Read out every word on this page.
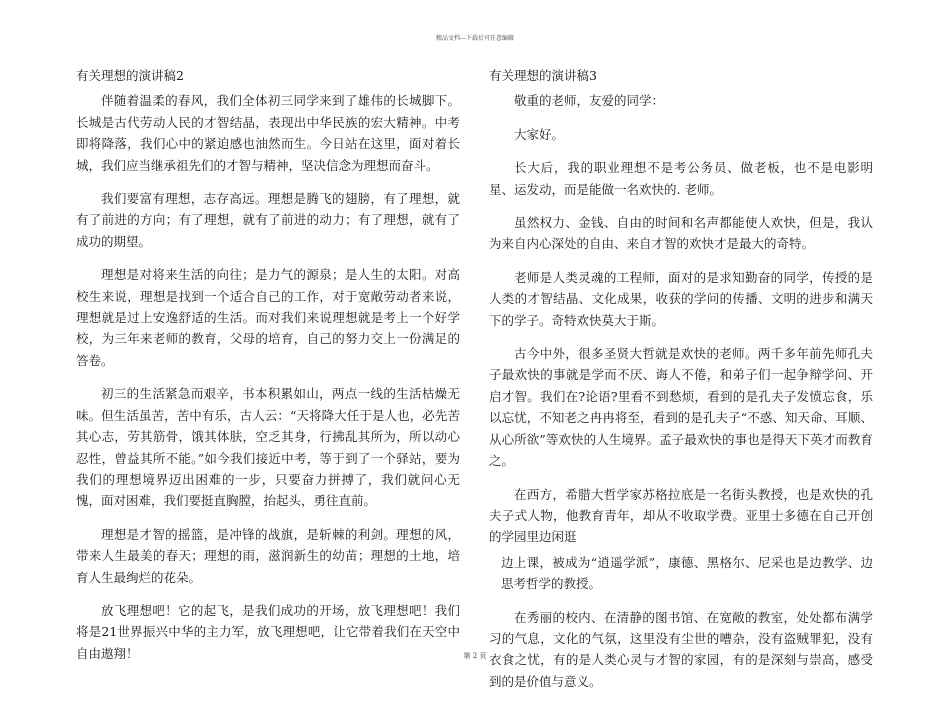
精品文档---下载后可任意编辑
有关理想的演讲稿2

伴随着温柔的春风，我们全体初三同学来到了雄伟的长城脚下。长城是古代劳动人民的才智结晶，表现出中华民族的宏大精神。中考即将降落，我们心中的紧迫感也油然而生。今日站在这里，面对着长城，我们应当继承祖先们的才智与精神，坚决信念为理想而奋斗。

我们要富有理想，志存高远。理想是腾飞的翅膀，有了理想，就有了前进的方向；有了理想，就有了前进的动力；有了理想，就有了成功的期望。

理想是对将来生活的向往；是力气的源泉；是人生的太阳。对高校生来说，理想是找到一个适合自己的工作，对于宽敞劳动者来说，理想就是过上安逸舒适的生活。而对我们来说理想就是考上一个好学校，为三年来老师的教育，父母的培育，自己的努力交上一份满足的答卷。

初三的生活紧急而艰辛，书本积累如山，两点一线的生活枯燥无味。但生活虽苦，苦中有乐，古人云：“天将降大任于是人也，必先苦其心志，劳其筋骨，饿其体肤，空乏其身，行拂乱其所为，所以动心忍性，曾益其所不能。”如今我们接近中考，等于到了一个驿站，要为我们的理想境界迈出困难的一步，只要奋力拼搏了，我们就问心无愧，面对困难，我们要挺直胸膛，抬起头，勇往直前。

理想是才智的摇篮，是冲锋的战旗，是斩棘的利剑。理想的风，带来人生最美的春天；理想的雨，滋润新生的幼苗；理想的土地，培育人生最绚烂的花朵。

放飞理想吧！它的起飞，是我们成功的开场，放飞理想吧！我们将是21世界振兴中华的主力军，放飞理想吧，让它带着我们在天空中自由遨翔！

有关理想的演讲稿3

敬重的老师，友爱的同学：

大家好。

长大后，我的职业理想不是考公务员、做老板，也不是电影明星、运发动，而是能做一名欢快的. 老师。

虽然权力、金钱、自由的时间和名声都能使人欢快，但是，我认为来自内心深处的自由、来自才智的欢快才是最大的奇特。

老师是人类灵魂的工程师，面对的是求知勤奋的同学，传授的是人类的才智结晶、文化成果，收获的学问的传播、文明的进步和满天下的学子。奇特欢快莫大于斯。

古今中外，很多圣贤大哲就是欢快的老师。两千多年前先师孔夫子最欢快的事就是学而不厌、诲人不倦，和弟子们一起争辩学问、开启才智。我们在?论语?里看不到愁烦，看到的是孔夫子发愤忘食，乐以忘忧，不知老之冉冉将至，看到的是孔夫子“不惑、知天命、耳顺、从心所欲”等欢快的人生境界。孟子最欢快的事也是得天下英才而教育之。

在西方，希腊大哲学家苏格拉底是一名街头教授，也是欢快的孔夫子式人物，他教育青年，却从不收取学费。亚里士多德在自己开创的学园里边闲逛

边上课，被成为“逍遥学派”，康德、黑格尔、尼采也是边教学、边思考哲学的教授。

在秀丽的校内、在清静的图书馆、在宽敞的教室，处处都布满学习的气息，文化的气氛，这里没有尘世的嘈杂，没有盗贼罪犯，没有衣食之忧，有的是人类心灵与才智的家园，有的是深刻与崇高，感受到的是价值与意义。

第 2 页
